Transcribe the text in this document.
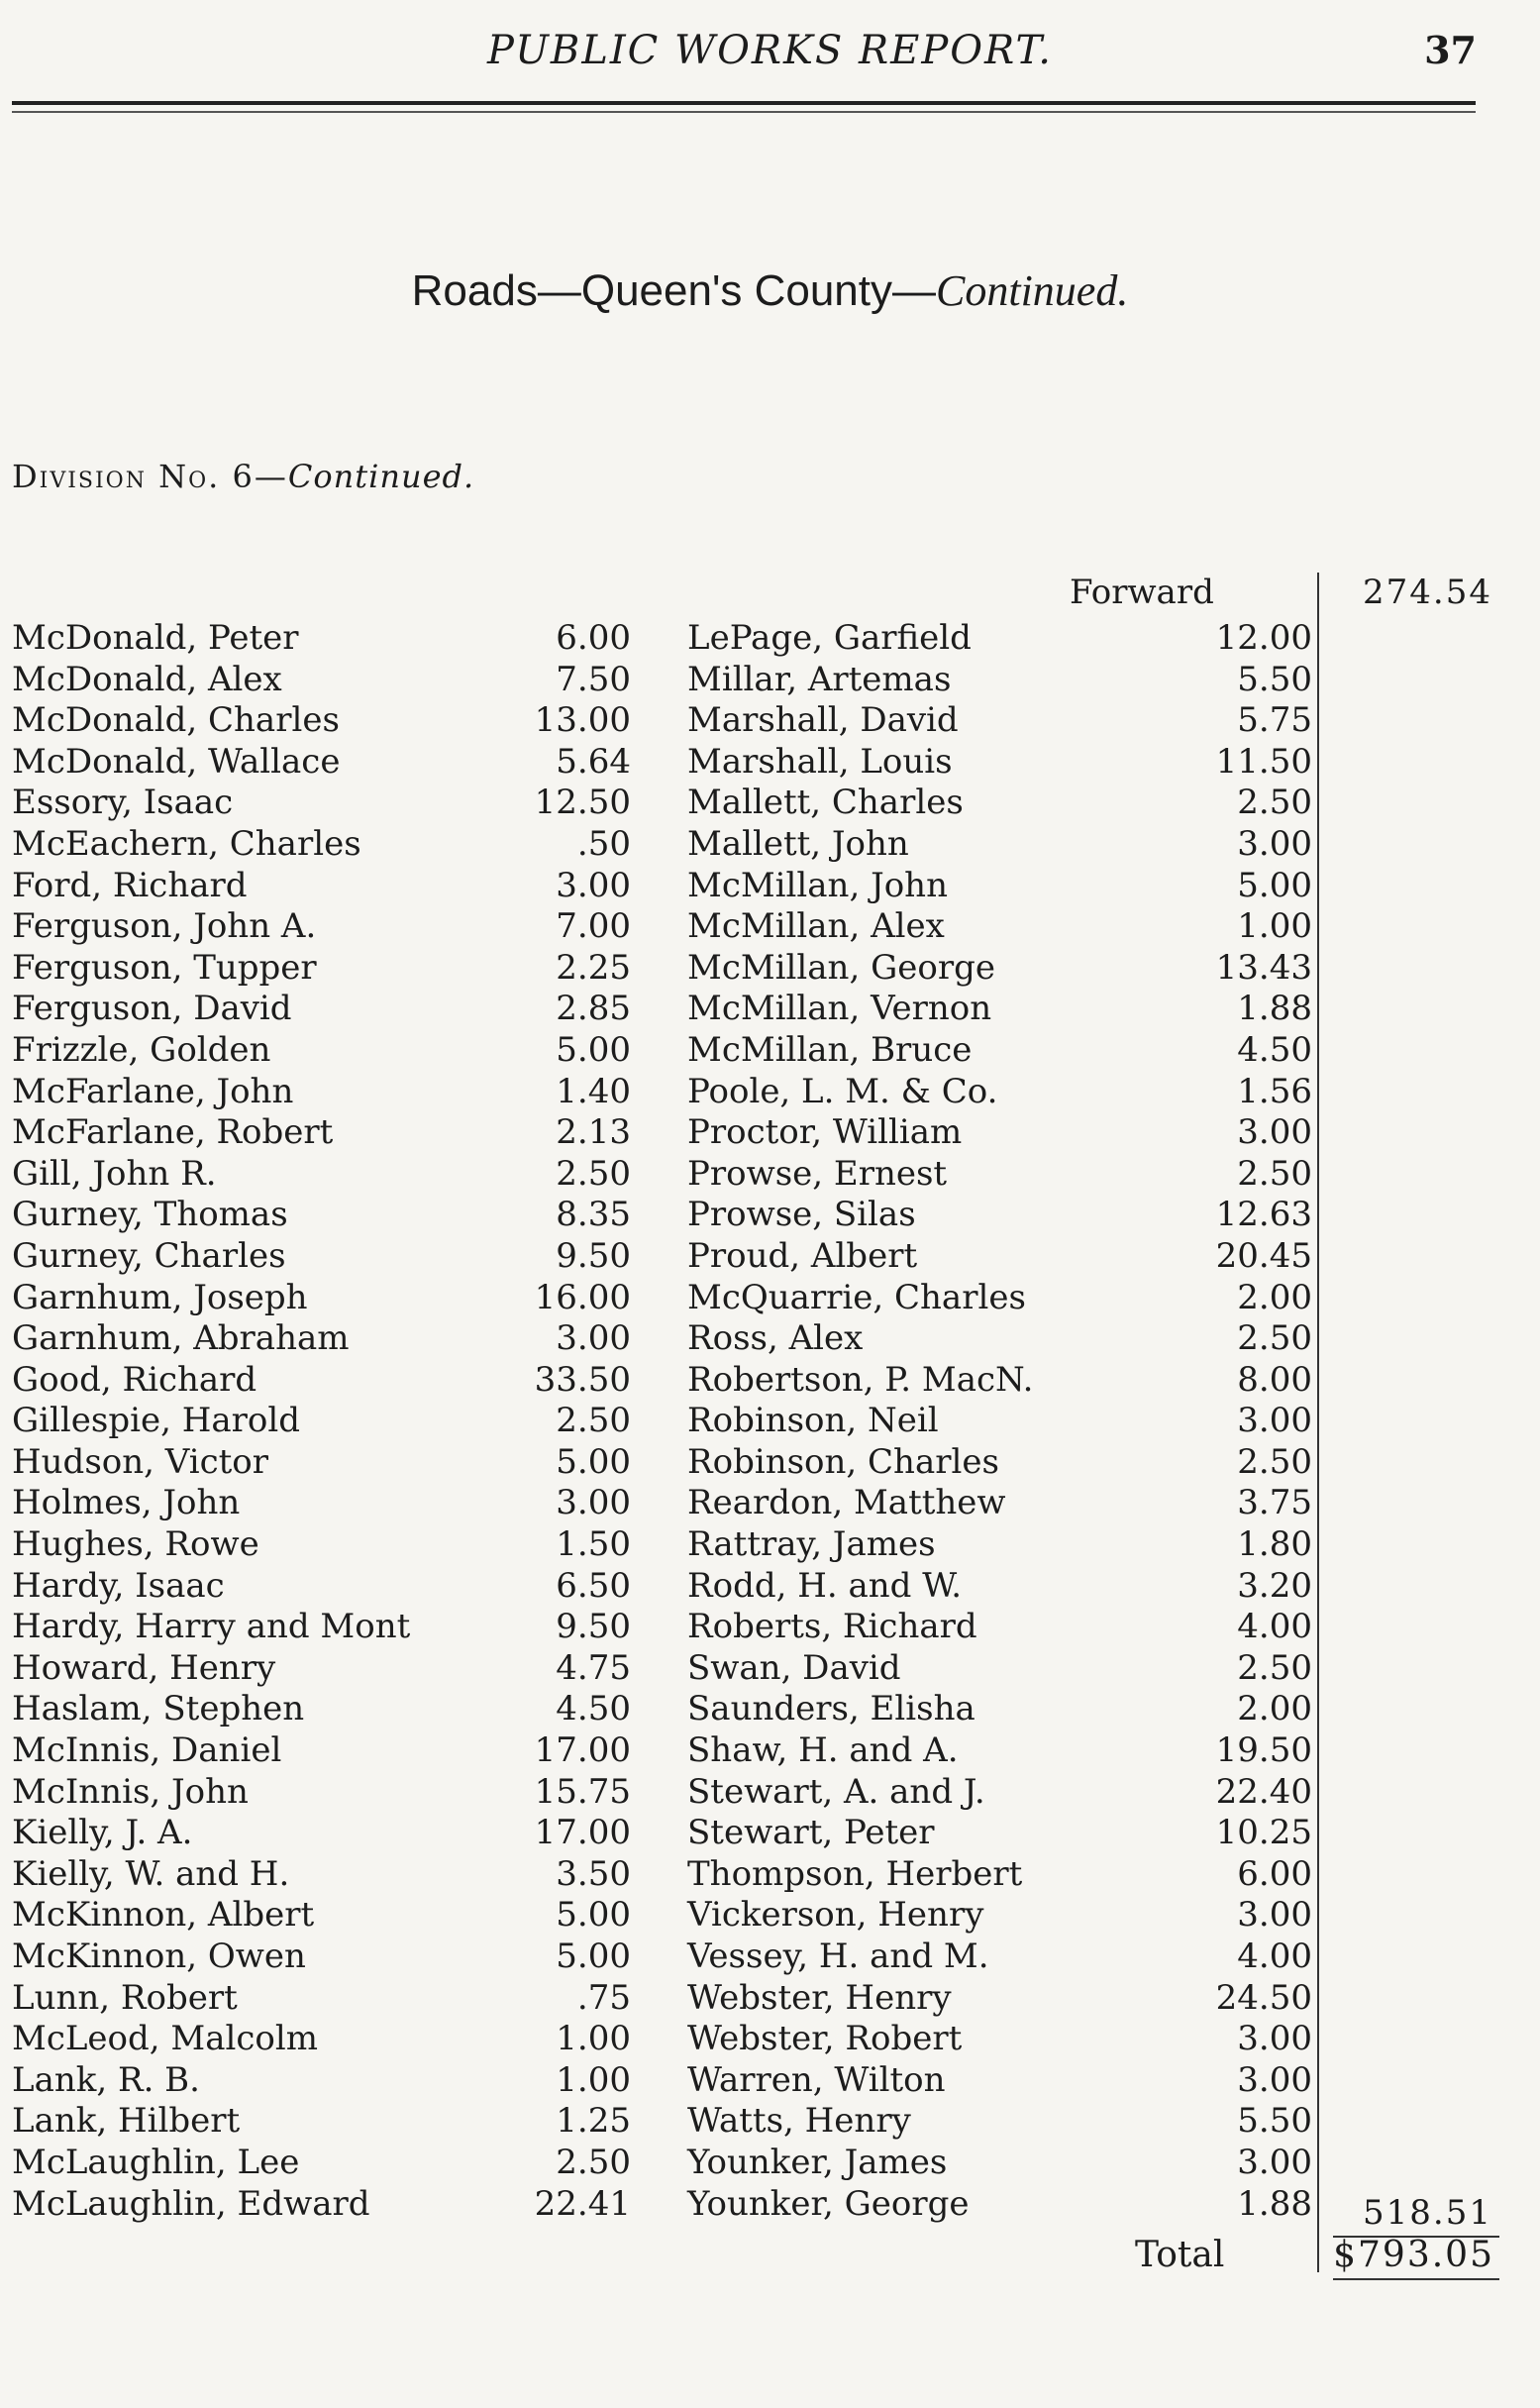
PUBLIC WORKS REPORT.	37
Roads—Queen's County—Continued.
Division No. 6—Continued.
Forward	274.54
McDonald, Peter	6.00 LePage, Garfield	12.00
McDonald, Alex	7.50 Millar, Artemas	5.50
McDonald, Charles	13.00 Marshall, David	5.75
McDonald, Wallace	5.64 Marshall, Louis	11.50
Essory, Isaac	12.50 Mallett, Charles	2.50
McEachern, Charles	.50 Mallett, John	3.00
Ford, Richard	3.00 McMillan, John	5.00
Ferguson, John A.	7.00 McMillan, Alex	1.00
Ferguson, Tupper	2.25 McMillan, George	13.43
Ferguson, David	2.85 McMillan, Vernon	1.88
Frizzle, Golden	5.00 McMillan, Bruce	4.50
McFarlane, John	1.40 Poole, L. M. & Co.	1.56
McFarlane, Robert	2.13 Proctor, William	3.00
Gill, John R.	2.50 Prowse, Ernest	2.50
Gurney, Thomas	8.35 Prowse, Silas	12.63
Gurney, Charles	9.50 Proud, Albert	20.45
Garnhum, Joseph	16.00 McQuarrie, Charles	2.00
Garnhum, Abraham	3.00 Ross, Alex	2.50
Good, Richard	33.50 Robertson, P. MacN.	8.00
Gillespie, Harold	2.50 Robinson, Neil	3.00
Hudson, Victor	5.00 Robinson, Charles	2.50
Holmes, John	3.00 Reardon, Matthew	3.75
Hughes, Rowe	1.50 Rattray, James	1.80
Hardy, Isaac	6.50 Rodd, H. and W.	3.20
Hardy, Harry and Mont	9.50 Roberts, Richard	4.00
Howard, Henry	4.75 Swan, David	2.50
Haslam, Stephen	4.50 Saunders, Elisha	2.00
McInnis, Daniel	17.00 Shaw, H. and A.	19.50
McInnis, John	15.75 Stewart, A. and J.	22.40
Kielly, J. A.	17.00 Stewart, Peter	10.25
Kielly, W. and H.	3.50 Thompson, Herbert	6.00
McKinnon, Albert	5.00 Vickerson, Henry	3.00
McKinnon, Owen	5.00 Vessey, H. and M.	4.00
Lunn, Robert	.75 Webster, Henry	24.50
McLeod, Malcolm	1.00 Webster, Robert	3.00
Lank, R. B.	1.00 Warren, Wilton	3.00
Lank, Hilbert	1.25 Watts, Henry	5.50
McLaughlin, Lee	2.50 Younker, James	3.00
McLaughlin, Edward	22.41 Younker, George	1.88 518.51
Total	$793.05
